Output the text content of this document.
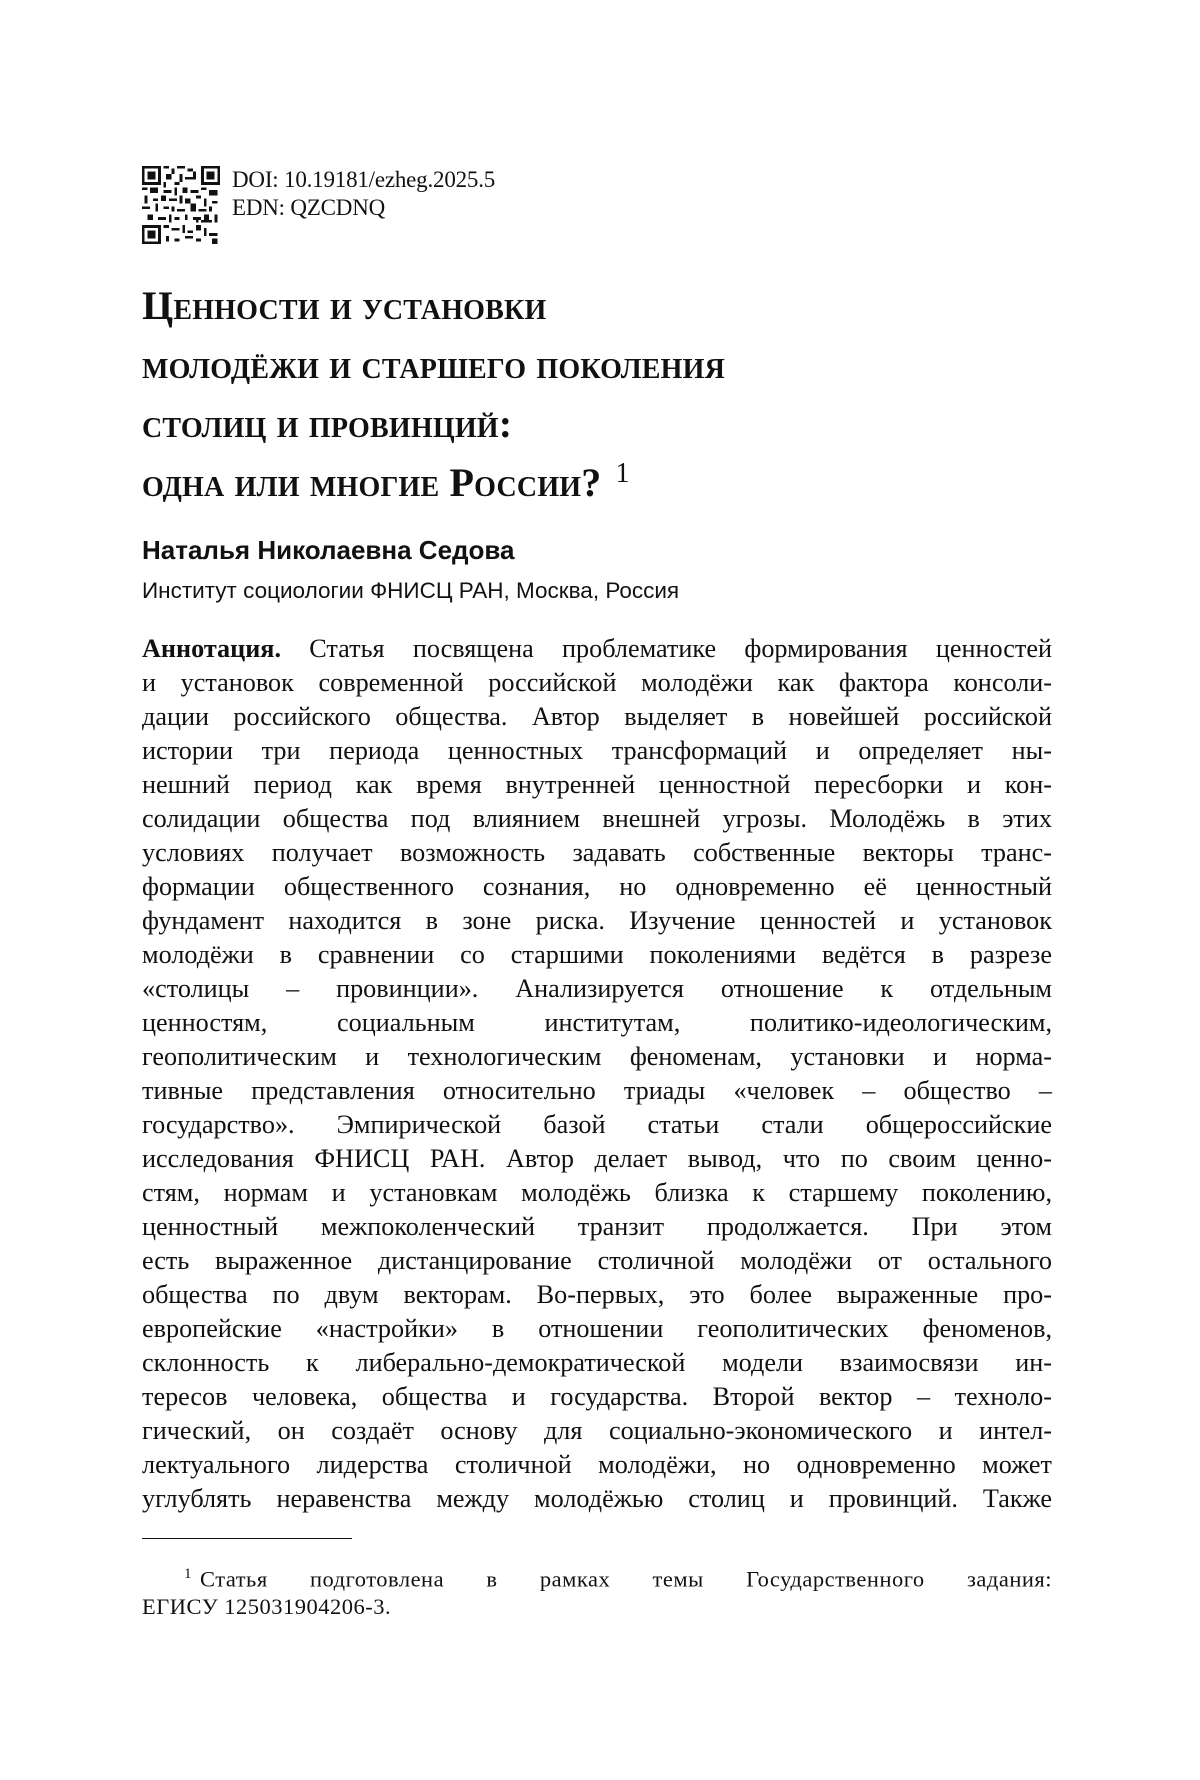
DOI: 10.19181/ezheg.2025.5
EDN: QZCDNQ
Ценности и установки
молодёжи и старшего поколения
столиц и провинций:
одна или многие России? $^1$
Наталья Николаевна Седова
Институт социологии ФНИСЦ РАН, Москва, Россия
Аннотация. Статья посвящена проблематике формирования ценностей
и установок современной российской молодёжи как фактора консоли-
дации российского общества. Автор выделяет в новейшей российской
истории три периода ценностных трансформаций и определяет ны-
нешний период как время внутренней ценностной пересборки и кон-
солидации общества под влиянием внешней угрозы. Молодёжь в этих
условиях получает возможность задавать собственные векторы транс-
формации общественного сознания, но одновременно её ценностный
фундамент находится в зоне риска. Изучение ценностей и установок
молодёжи в сравнении со старшими поколениями ведётся в разрезе
«столицы – провинции». Анализируется отношение к отдельным
ценностям, социальным институтам, политико-идеологическим,
геополитическим и технологическим феноменам, установки и норма-
тивные представления относительно триады «человек – общество –
государство». Эмпирической базой статьи стали общероссийские
исследования ФНИСЦ РАН. Автор делает вывод, что по своим ценно-
стям, нормам и установкам молодёжь близка к старшему поколению,
ценностный межпоколенческий транзит продолжается. При этом
есть выраженное дистанцирование столичной молодёжи от остального
общества по двум векторам. Во-первых, это более выраженные про-
европейские «настройки» в отношении геополитических феноменов,
склонность к либерально-демократической модели взаимосвязи ин-
тересов человека, общества и государства. Второй вектор – техноло-
гический, он создаёт основу для социально-экономического и интел-
лектуального лидерства столичной молодёжи, но одновременно может
углублять неравенства между молодёжью столиц и провинций. Также
$^1$ Статья подготовлена в рамках темы Государственного задания:
ЕГИСУ 125031904206-3.
